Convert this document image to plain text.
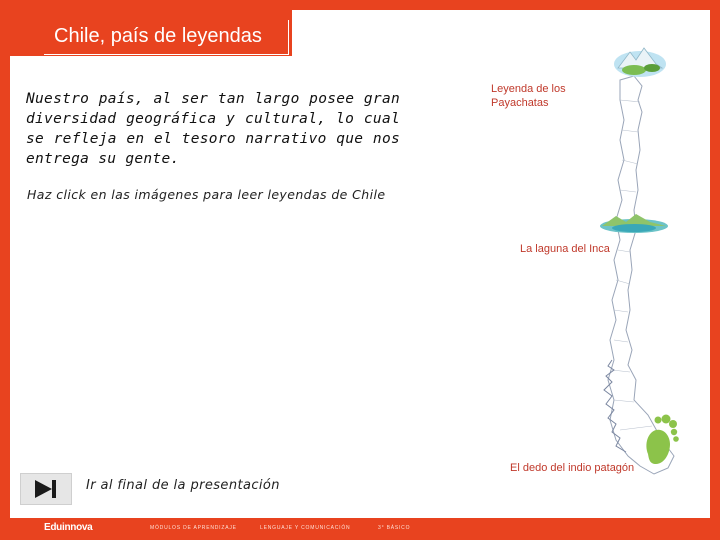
Chile, país de leyendas
Nuestro país, al ser tan largo posee gran diversidad geográfica y cultural, lo cual se refleja en el tesoro narrativo que nos entrega su gente.
Haz click en las imágenes para leer leyendas de Chile
Leyenda de los
Payachatas
La laguna del Inca
El dedo del indio patagón
Ir al final de la presentación
Eduinnova	MÓDULOS DE APRENDIZAJE	LENGUAJE Y COMUNICACIÓN	3° BÁSICO
